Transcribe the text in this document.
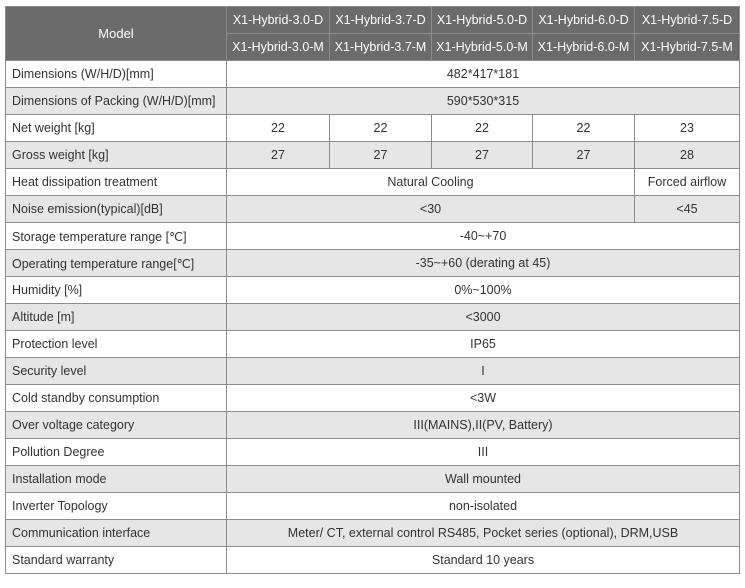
Model	X1-Hybrid-3.0-D	X1-Hybrid-3.7-D	X1-Hybrid-5.0-D	X1-Hybrid-6.0-D	X1-Hybrid-7.5-D
	X1-Hybrid-3.0-M	X1-Hybrid-3.7-M	X1-Hybrid-5.0-M	X1-Hybrid-6.0-M	X1-Hybrid-7.5-M
Dimensions (W/H/D)[mm]	482*417*181				
Dimensions of Packing (W/H/D)[mm]	590*530*315				
Net weight [kg]	22	22	22	22	23
Gross weight [kg]	27	27	27	27	28
Heat dissipation treatment	Natural Cooling				Forced airflow
Noise emission(typical)[dB]	<30				<45
Storage temperature range [℃]	-40~+70				
Operating temperature range[℃]	-35~+60 (derating at 45)				
Humidity [%]	0%~100%				
Altitude [m]	<3000				
Protection level	IP65				
Security level	I				
Cold standby consumption	<3W				
Over voltage category	III(MAINS),II(PV, Battery)				
Pollution Degree	III				
Installation mode	Wall mounted				
Inverter Topology	non-isolated				
Communication interface	Meter/ CT, external control RS485, Pocket series (optional), DRM,USB				
Standard warranty	Standard 10 years				
